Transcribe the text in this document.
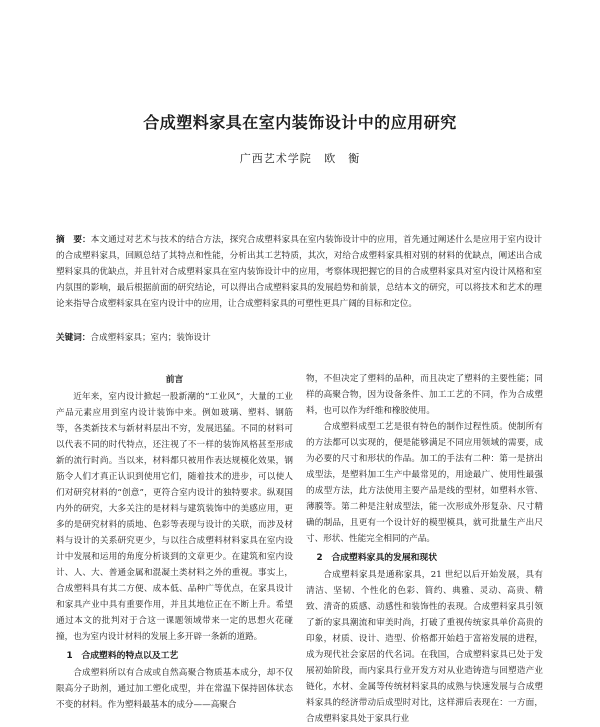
合成塑料家具在室内装饰设计中的应用研究
广西艺术学院 欧　衡
摘　要：本文通过对艺术与技术的结合方法，探究合成塑料家具在室内装饰设计中的应用，首先通过阐述什么是应用于室内设计的合成塑料家具，回顾总结了其特点和性能，分析出其工艺特质，其次，对给合成塑料家具相对别的材料的优缺点，阐述出合成塑料家具的优缺点，并且针对合成塑料家具在室内装饰设计中的应用，考察体现把握它的目的合成塑料家具对室内设计风格和室内氛围的影响，最后根据前面的研究结论，可以得出合成塑料家具的发展趋势和前景，总结本文的研究，可以将技术和艺术的理论来指导合成塑料家具在室内设计中的应用，让合成塑料家具的可塑性更具广阔的目标和定位。
关键词：合成塑料家具；室内；装饰设计
前言

近年来，室内设计掀起一股新潮的“工业风”，大量的工业产品元素应用到室内设计装饰中来。例如玻璃、塑料、钢筋等，各类新技术与新材料层出不穷，发展迅猛。不同的材料可以代表不同的时代特点，还注视了不一样的装饰风格甚至形成新的流行时尚。当以来，材料都只被用作表达规模化效果，钢筋令人们才真正认识到使用它们，随着技术的进步，可以使人们对研究材料的“创意”，更符合室内设计的独特要求。纵观国内外的研究，大多关注的是材料与建筑装饰中的美感应用，更多的是研究材料的质地、色彩等表现与设计的关联，而涉及材料与设计的关系研究更少，与以往合成塑料材料家具在室内设计中发展和运用的角度分析谈到的文章更少。在建筑和室内设计、人、大、普通金属和混凝土类材料之外的重视。事实上，合成塑料具有其二方便、成本低、品种广等优点，在家具设计和家具产业中具有重要作用，并且其地位正在不断上升。希望通过本文的批判对于合这一课题领域带来一定的思想火花碰撞，也为室内设计材料的发展上多开辟一条新的道路。

1　合成塑料的特点以及工艺

合成塑料所以有合成或自然高聚合物质基本成分，却不仅限高分子助剂，通过加工塑化成型，并在常温下保持固体状态不变的材料。作为塑料最基本的成分——高聚合

物，不但决定了塑料的品种，而且决定了塑料的主要性能；同样的高聚合物，因为设备条件、加工工艺的不同，作为合成塑料，也可以作为纤维和橡胶使用。

合成塑料成型工艺是很有特色的制作过程性质。使制所有的方法都可以实现的，便是能够满足不同应用领域的需要，成为必要的尺寸和形状的作品。加工的手法有二种：第一是挤出成型法，是塑料加工生产中最常见的，用途最广、使用性最强的成型方法，此方法使用主要产品是线的型材，如塑料水管、薄膜等。第二种是注射成型法，能一次形成外形复杂、尺寸精确的制品，且更有一个设计好的模型模具，就可批量生产出尺寸、形状、性能完全相同的产品。

2　合成塑料家具的发展和现状

合成塑料家具是通称家具，21 世纪以后开始发展，具有清洁、坚韧、个性化的色彩、简约、典雅、灵动、高贵、精致、清奇的质感、动感性和装饰性的表现。合成塑料家具引领了新的家具潮流和审美时尚，打破了重视传统家具单价高贵的印象，材质、设计、造型、价格都开始趋于富裕发展的进程，成为现代社会家居的代名词。在我国，合成塑料家具已处于发展初始阶段，而内家具行业开发方对从业造铸造与回塑造产业链化，水材、金属等传统材料家具的成熟与快速发展与合成塑料家具的经济带动后成型时对比，这样滞后表现在：一方面，合成塑料家具处于家具行业
